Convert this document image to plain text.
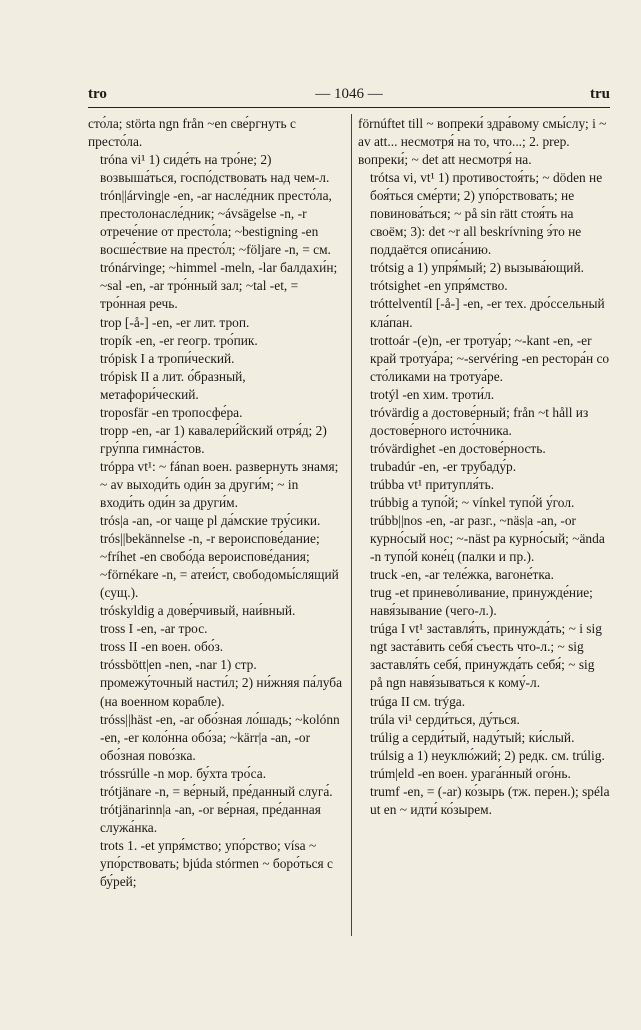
— 1046 —
tro	tru

сто́ла; störta ngn från ~en све́ргнуть с престо́ла.

tróna vi¹ 1) сиде́ть на тро́не; 2) возвыша́ться, госпо́дствовать над чем-л.

trón||árving|e -en, -ar насле́дник престо́ла, престолонасле́дник; ~ávsägelse -n, -r отрече́ние от престо́ла; ~bestigning -en восше́ствие на престо́л; ~följare -n, = см. trónárvinge; ~himmel -meln, -lar балдахи́н; ~sal -en, -ar тро́нный зал; ~tal -et, = тро́нная речь.

trop [-å-] -en, -er лит. троп.

tropík -en, -er геогр. тро́пик.

trópisk I a тропи́ческий.

trópisk II a лит. о́бразный, метафори́ческий.

troposfär -en тропосфе́ра.

tropp -en, -ar 1) кавалери́йский отря́д; 2) гру́ппа гимна́стов.

tróppa vt¹: ~ fánan воен. развернуть знамя; ~ av выходи́ть оди́н за други́м; ~ in входи́ть оди́н за други́м.

trós|a -an, -or чаще pl да́мские тру́сики.

trós||bekännelse -n, -r вероиспове́дание; ~fríhet -en свобо́да вероиспове́дания; ~förnékare -n, = атеи́ст, свободомы́слящий (сущ.).

tróskyldig a дове́рчивый, наи́вный.

tross I -en, -ar трос.

tross II -en воен. обо́з.

tróssbött|en -nen, -nar 1) стр. промежу́точный насти́л; 2) ни́жняя па́луба (на военном корабле).

tróss||häst -en, -ar обо́зная ло́шадь; ~kolónn -en, -er коло́нна обо́за; ~kärr|a -an, -or обо́зная пово́зка.

tróssrúlle -n мор. бу́хта тро́са.

trótjänare -n, = ве́рный, пре́данный слуга́.

trótjänarinn|a -an, -or ве́рная, пре́данная служа́нка.

trots 1. -et упря́мство; упо́рство; vísa ~ упо́рствовать; bjúda stórmen ~ боро́ться с бу́рей;

förnúftet till ~ вопреки́ здра́вому смы́слу; i ~ av att... несмотря́ на то, что...; 2. prep. вопреки́; ~ det att несмотря́ на.

trótsa vi, vt¹ 1) противостоя́ть; ~ döden не боя́ться сме́рти; 2) упо́рствовать; не повинова́ться; ~ på sin rätt стоя́ть на своём; 3): det ~r all beskrívning э́то не поддаётся описа́нию.

trótsig a 1) упря́мый; 2) вызыва́ющий.

trótsighet -en упря́мство.

tróttelventíl [-å-] -en, -er тех. дро́ссельный кла́пан.

trottoár -(e)n, -er тротуа́р; ~-kant -en, -er край тротуа́ра; ~-servéring -en рестора́н со сто́ликами на тротуа́ре.

trotýl -en хим. троти́л.

tróvärdig a достове́рный; från ~t håll из достове́рного исто́чника.

tróvärdighet -en достове́рность.

trubadúr -en, -er трубаду́р.

trúbba vt¹ притупля́ть.

trúbbig a тупо́й; ~ vínkel тупо́й у́гол.

trúbb||nos -en, -ar разг., ~näs|a -an, -or курно́сый нос; ~-näst pa курно́сый; ~ända -n тупо́й коне́ц (палки и пр.).

truck -en, -ar теле́жка, вагоне́тка.

trug -et принево́ливание, принужде́ние; навя́зывание (чего-л.).

trúga I vt¹ заставля́ть, принужда́ть; ~ i sig ngt заста́вить себя́ съесть что-л.; ~ sig заставля́ть себя́, принужда́ть себя́; ~ sig på ngn навя́зываться к кому́-л.

trúga II см. trýga.

trúla vi¹ серди́ться, ду́ться.

trúlig a серди́тый, наду́тый; ки́слый.

trúlsig a 1) неуклю́жий; 2) редк. см. trúlig.

trúm|eld -en воен. урага́нный ого́нь.

trumf -en, = (-ar) ко́зырь (тж. перен.); spéla ut en ~ идти́ ко́зырем.
